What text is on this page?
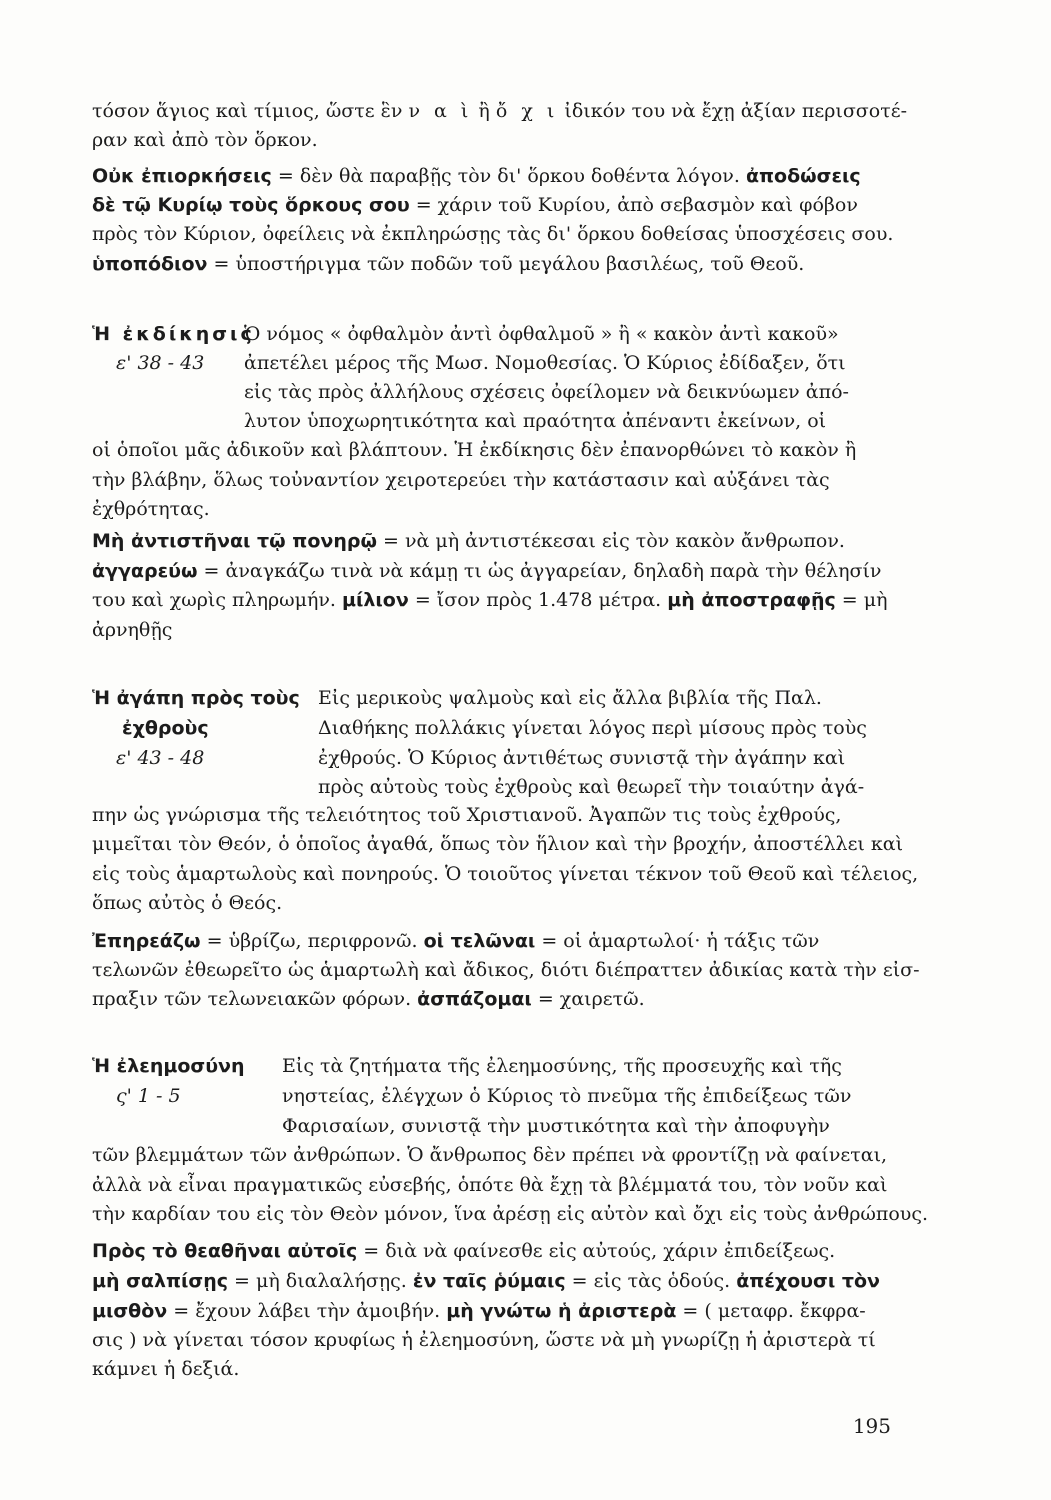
τόσον ἅγιος καὶ τίμιος, ὥστε ἓν ν α ὶ ἢ ὄ χ ι ἰδικόν του νὰ ἔχῃ ἀξίαν περισσοτέ-
ραν καὶ ἀπὸ τὸν ὅρκον.
Οὐκ ἐπιορκήσεις = δὲν θὰ παραβῇς τὸν δι' ὅρκου δοθέντα λόγον. ἀποδώσεις
δὲ τῷ Κυρίῳ τοὺς ὅρκους σου = χάριν τοῦ Κυρίου, ἀπὸ σεβασμὸν καὶ φόβον
πρὸς τὸν Κύριον, ὀφείλεις νὰ ἐκπληρώσῃς τὰς δι' ὅρκου δοθείσας ὑποσχέσεις σου.
ὑποπόδιον = ὑποστήριγμα τῶν ποδῶν τοῦ μεγάλου βασιλέως, τοῦ Θεοῦ.
Ἡ ἐκδίκησις
ε' 38 - 43
Ὁ νόμος « ὀφθαλμὸν ἀντὶ ὀφθαλμοῦ » ἢ « κακὸν ἀντὶ κακοῦ»
ἀπετέλει μέρος τῆς Μωσ. Νομοθεσίας. Ὁ Κύριος ἐδίδαξεν, ὅτι
εἰς τὰς πρὸς ἀλλήλους σχέσεις ὀφείλομεν νὰ δεικνύωμεν ἀπό-
λυτον ὑποχωρητικότητα καὶ πραότητα ἀπέναντι ἐκείνων, οἱ
οἱ ὁποῖοι μᾶς ἀδικοῦν καὶ βλάπτουν. Ἡ ἐκδίκησις δὲν ἐπανορθώνει τὸ κακὸν ἢ
τὴν βλάβην, ὅλως τοὐναντίον χειροτερεύει τὴν κατάστασιν καὶ αὐξάνει τὰς
ἐχθρότητας.
Μὴ ἀντιστῆναι τῷ πονηρῷ = νὰ μὴ ἀντιστέκεσαι εἰς τὸν κακὸν ἄνθρωπον.
ἀγγαρεύω = ἀναγκάζω τινὰ νὰ κάμῃ τι ὡς ἀγγαρείαν, δηλαδὴ παρὰ τὴν θέλησίν
του καὶ χωρὶς πληρωμήν. μίλιον = ἴσον πρὸς 1.478 μέτρα. μὴ ἀποστραφῇς = μὴ
ἀρνηθῇς
Ἡ ἀγάπη πρὸς τοὺς
ἐχθροὺς
ε' 43 - 48
Εἰς μερικοὺς ψαλμοὺς καὶ εἰς ἄλλα βιβλία τῆς Παλ.
Διαθήκης πολλάκις γίνεται λόγος περὶ μίσους πρὸς τοὺς
ἐχθρούς. Ὁ Κύριος ἀντιθέτως συνιστᾷ τὴν ἀγάπην καὶ
πρὸς αὐτοὺς τοὺς ἐχθροὺς καὶ θεωρεῖ τὴν τοιαύτην ἀγά-
πην ὡς γνώρισμα τῆς τελειότητος τοῦ Χριστιανοῦ. Ἀγαπῶν τις τοὺς ἐχθρούς,
μιμεῖται τὸν Θεόν, ὁ ὁποῖος ἀγαθά, ὅπως τὸν ἥλιον καὶ τὴν βροχήν, ἀποστέλλει καὶ
εἰς τοὺς ἁμαρτωλοὺς καὶ πονηρούς. Ὁ τοιοῦτος γίνεται τέκνον τοῦ Θεοῦ καὶ τέλειος,
ὅπως αὐτὸς ὁ Θεός.
Ἐπηρεάζω = ὑβρίζω, περιφρονῶ. οἱ τελῶναι = οἱ ἁμαρτωλοί· ἡ τάξις τῶν
τελωνῶν ἐθεωρεῖτο ὡς ἁμαρτωλὴ καὶ ἄδικος, διότι διέπραττεν ἀδικίας κατὰ τὴν εἰσ-
πραξιν τῶν τελωνειακῶν φόρων. ἀσπάζομαι = χαιρετῶ.
Ἡ ἐλεημοσύνη
ς' 1 - 5
Εἰς τὰ ζητήματα τῆς ἐλεημοσύνης, τῆς προσευχῆς καὶ τῆς
νηστείας, ἐλέγχων ὁ Κύριος τὸ πνεῦμα τῆς ἐπιδείξεως τῶν
Φαρισαίων, συνιστᾷ τὴν μυστικότητα καὶ τὴν ἀποφυγὴν
τῶν βλεμμάτων τῶν ἀνθρώπων. Ὁ ἄνθρωπος δὲν πρέπει νὰ φροντίζῃ νὰ φαίνεται,
ἀλλὰ νὰ εἶναι πραγματικῶς εὐσεβής, ὁπότε θὰ ἔχῃ τὰ βλέμματά του, τὸν νοῦν καὶ
τὴν καρδίαν του εἰς τὸν Θεὸν μόνον, ἵνα ἀρέσῃ εἰς αὐτὸν καὶ ὄχι εἰς τοὺς ἀνθρώπους.
Πρὸς τὸ θεαθῆναι αὐτοῖς = διὰ νὰ φαίνεσθε εἰς αὐτούς, χάριν ἐπιδείξεως.
μὴ σαλπίσῃς = μὴ διαλαλήσῃς. ἐν ταῖς ῥύμαις = εἰς τὰς ὁδούς. ἀπέχουσι τὸν
μισθὸν = ἔχουν λάβει τὴν ἀμοιβήν. μὴ γνώτω ἡ ἀριστερὰ = ( μεταφρ. ἔκφρα-
σις ) νὰ γίνεται τόσον κρυφίως ἡ ἐλεημοσύνη, ὥστε νὰ μὴ γνωρίζῃ ἡ ἀριστερὰ τί
κάμνει ἡ δεξιά.
195
